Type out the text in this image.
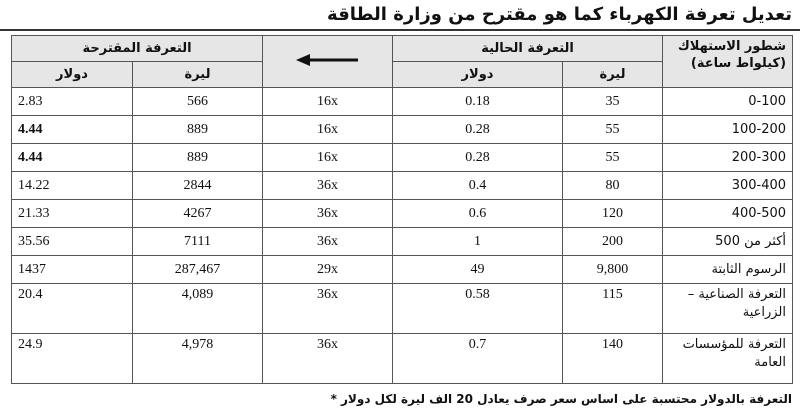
تعديل تعرفة الكهرباء كما هو مقترح من وزارة الطاقة
شطور الاستهلاك (كيلواط ساعة)	التعرفة الحالية			التعرفة المقترحة	
	ليرة	دولار		ليرة	دولار
0-100	35	0.18	16x	566	2.83
100-200	55	0.28	16x	889	4.44
200-300	55	0.28	16x	889	4.44
300-400	80	0.4	36x	2844	14.22
400-500	120	0.6	36x	4267	21.33
أكثر من 500	200	1	36x	7111	35.56
الرسوم الثابتة	9,800	49	29x	287,467	1437
التعرفة الصناعية – الزراعية	115	0.58	36x	4,089	20.4
التعرفة للمؤسسات العامة	140	0.7	36x	4,978	24.9
التعرفة بالدولار محتسبة على اساس سعر صرف يعادل 20 الف ليرة لكل دولار *
